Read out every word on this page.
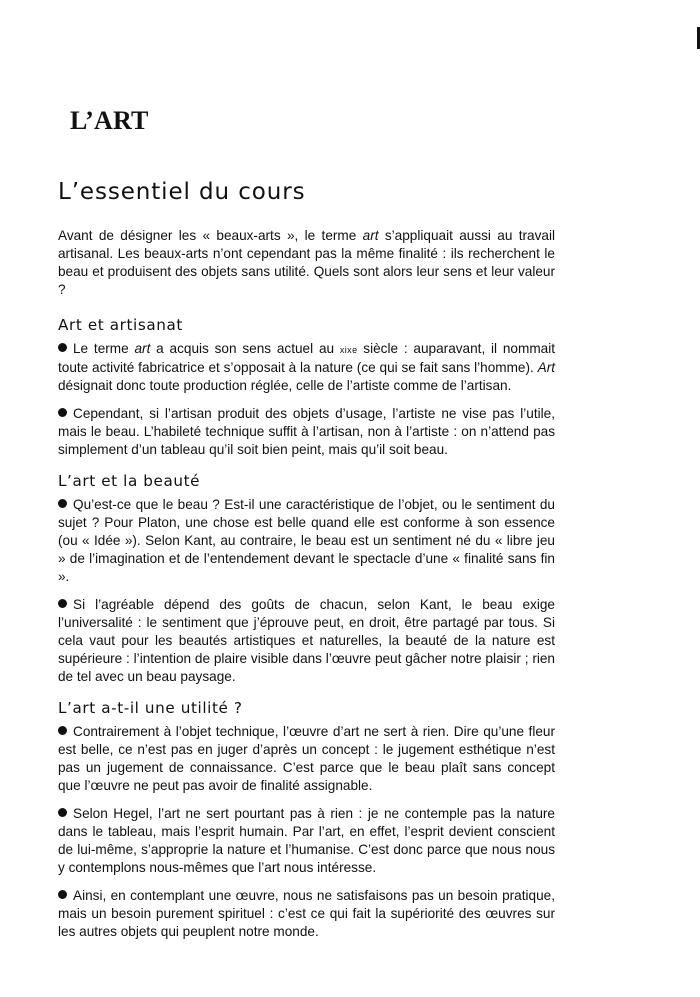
L’ART
L’essentiel du cours

Avant de désigner les « beaux-arts », le terme art s’appliquait aussi au travail artisanal. Les beaux-arts n’ont cependant pas la même finalité : ils recherchent le beau et produisent des objets sans utilité. Quels sont alors leur sens et leur valeur ?

Art et artisanat

Le terme art a acquis son sens actuel au xixe siècle : auparavant, il nommait toute activité fabricatrice et s’opposait à la nature (ce qui se fait sans l’homme). Art désignait donc toute production réglée, celle de l’artiste comme de l’artisan.

Cependant, si l’artisan produit des objets d’usage, l’artiste ne vise pas l’utile, mais le beau. L’habileté technique suffit à l’artisan, non à l’artiste : on n’attend pas simplement d’un tableau qu’il soit bien peint, mais qu’il soit beau.

L’art et la beauté

Qu’est-ce que le beau ? Est-il une caractéristique de l’objet, ou le sentiment du sujet ? Pour Platon, une chose est belle quand elle est conforme à son essence (ou « Idée »). Selon Kant, au contraire, le beau est un sentiment né du « libre jeu » de l’imagination et de l’entendement devant le spectacle d’une « finalité sans fin ».

Si l’agréable dépend des goûts de chacun, selon Kant, le beau exige l’universalité : le sentiment que j’éprouve peut, en droit, être partagé par tous. Si cela vaut pour les beautés artistiques et naturelles, la beauté de la nature est supérieure : l’intention de plaire visible dans l’œuvre peut gâcher notre plaisir ; rien de tel avec un beau paysage.

L’art a-t-il une utilité ?

Contrairement à l’objet technique, l’œuvre d’art ne sert à rien. Dire qu’une fleur est belle, ce n’est pas en juger d’après un concept : le jugement esthétique n’est pas un jugement de connaissance. C’est parce que le beau plaît sans concept que l’œuvre ne peut pas avoir de finalité assignable.

Selon Hegel, l’art ne sert pourtant pas à rien : je ne contemple pas la nature dans le tableau, mais l’esprit humain. Par l’art, en effet, l’esprit devient conscient de lui-même, s’approprie la nature et l’humanise. C’est donc parce que nous nous y contemplons nous-mêmes que l’art nous intéresse.

Ainsi, en contemplant une œuvre, nous ne satisfaisons pas un besoin pratique, mais un besoin purement spirituel : c’est ce qui fait la supériorité des œuvres sur les autres objets qui peuplent notre monde.
